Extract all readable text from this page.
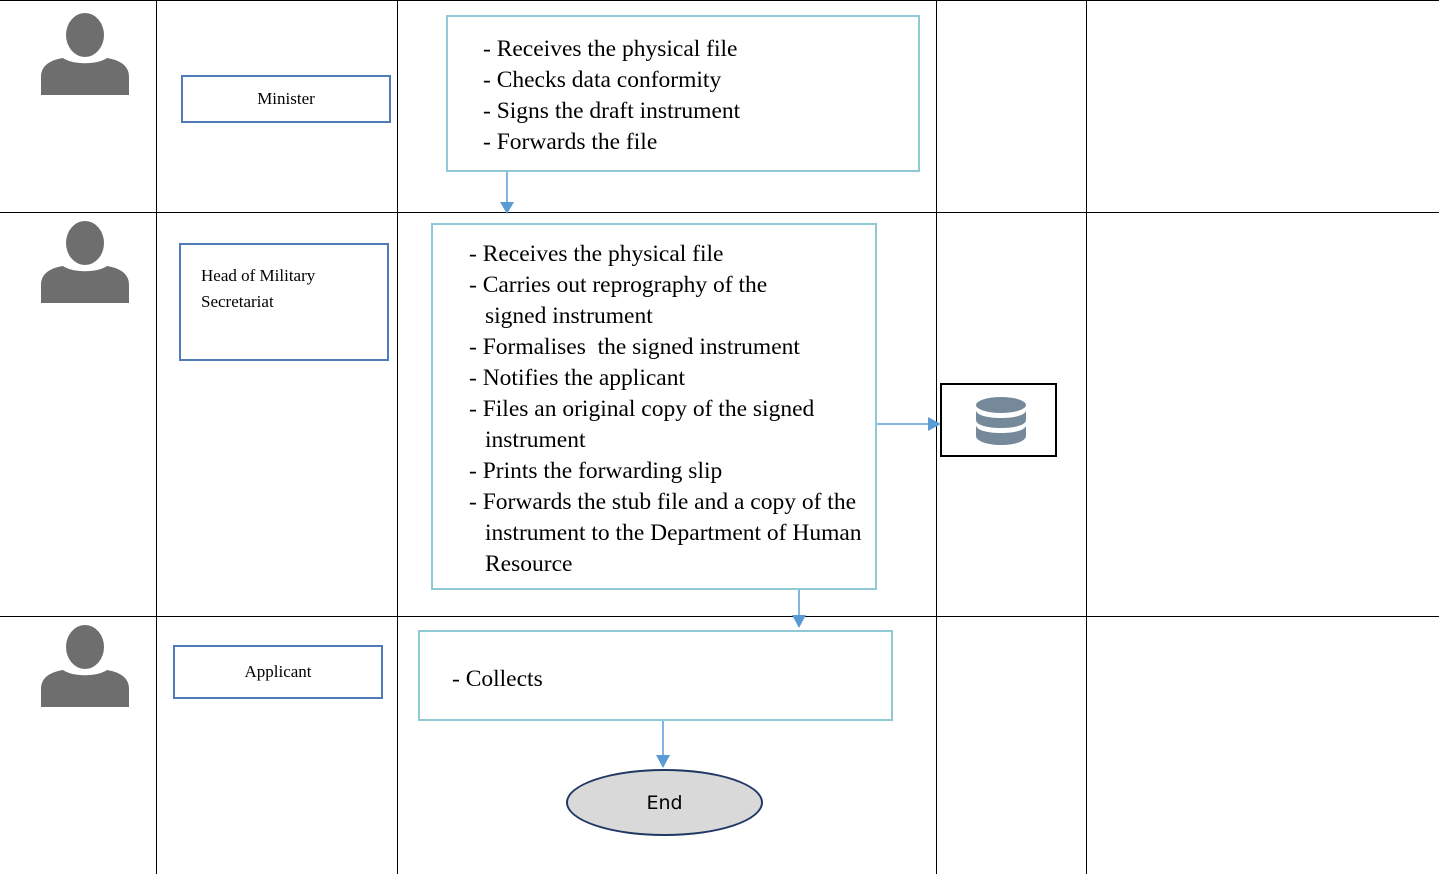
Minister
Head of Military Secretariat
Applicant
- Receives the physical file
- Checks data conformity
- Signs the draft instrument
- Forwards the file
- Receives the physical file
- Carries out reprography of the signed instrument
- Formalises  the signed instrument
- Notifies the applicant
- Files an original copy of the signed instrument
- Prints the forwarding slip
- Forwards the stub file and a copy of the instrument to the Department of Human Resource
- Collects
End
